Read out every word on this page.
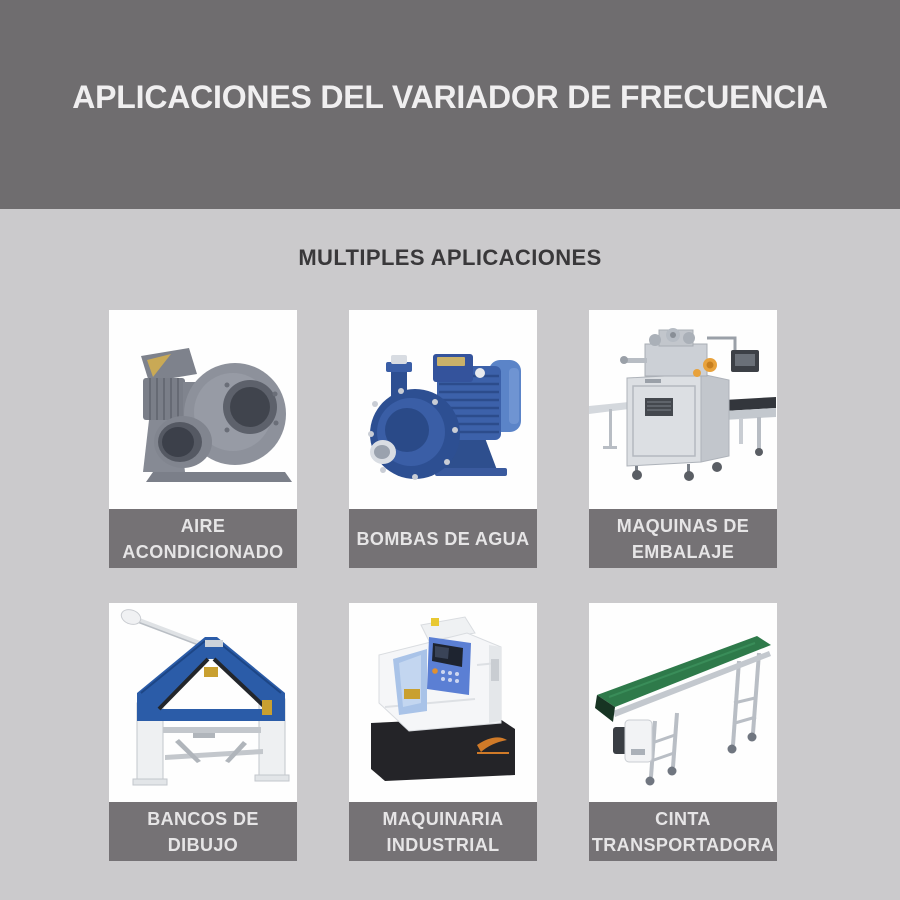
APLICACIONES DEL VARIADOR DE FRECUENCIA
MULTIPLES APLICACIONES
AIRE ACONDICIONADO
BOMBAS DE AGUA
MAQUINAS DE EMBALAJE
BANCOS DE DIBUJO
MAQUINARIA INDUSTRIAL
CINTA TRANSPORTADORA
